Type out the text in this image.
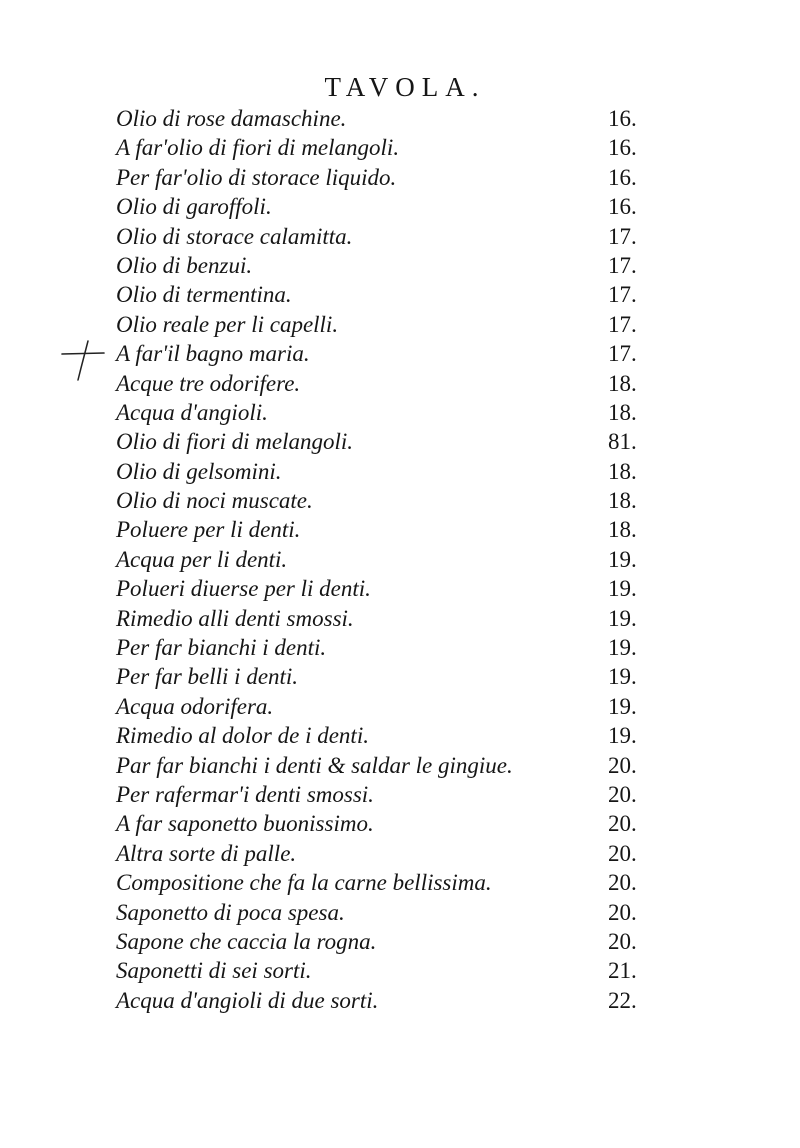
TAVOLA.
Olio di rose damaschine.	16.
A far'olio di fiori di melangoli.	16.
Per far'olio di storace liquido.	16.
Olio di garoffoli.	16.
Olio di storace calamitta.	17.
Olio di benzui.	17.
Olio di termentina.	17.
Olio reale per li capelli.	17.
A far'il bagno maria.	17.
Acque tre odorifere.	18.
Acqua d'angioli.	18.
Olio di fiori di melangoli.	81.
Olio di gelsomini.	18.
Olio di noci muscate.	18.
Poluere per li denti.	18.
Acqua per li denti.	19.
Polueri diuerse per li denti.	19.
Rimedio alli denti smossi.	19.
Per far bianchi i denti.	19.
Per far belli i denti.	19.
Acqua odorifera.	19.
Rimedio al dolor de i denti.	19.
Par far bianchi i denti & saldar le gingiue.	20.
Per rafermar'i denti smossi.	20.
A far saponetto buonissimo.	20.
Altra sorte di palle.	20.
Compositione che fa la carne bellissima.	20.
Saponetto di poca spesa.	20.
Sapone che caccia la rogna.	20.
Saponetti di sei sorti.	21.
Acqua d'angioli di due sorti.	22.
